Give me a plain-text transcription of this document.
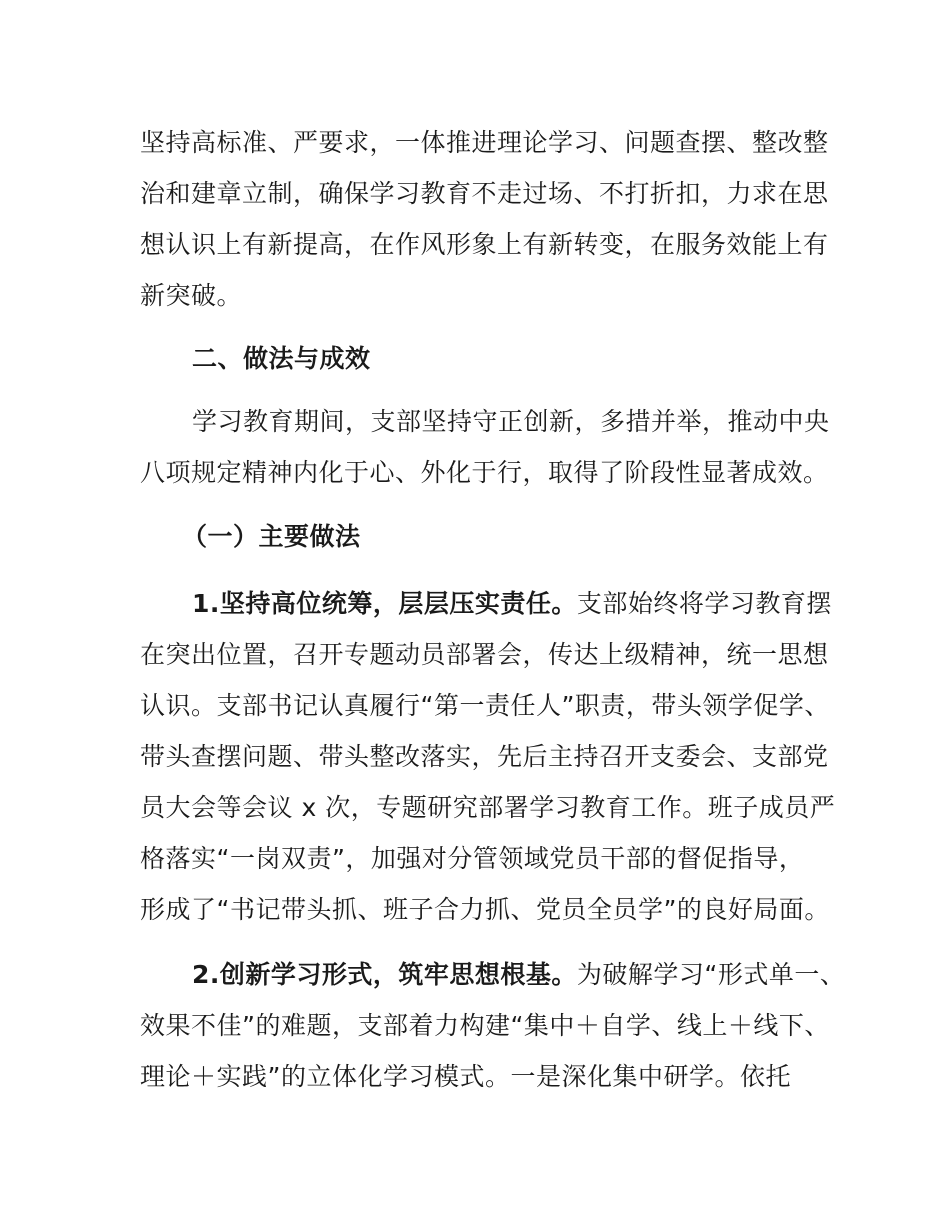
坚持高标准、严要求，一体推进理论学习、问题查摆、整改整
治和建章立制，确保学习教育不走过场、不打折扣，力求在思
想认识上有新提高，在作风形象上有新转变，在服务效能上有
新突破。
二、做法与成效
学习教育期间，支部坚持守正创新，多措并举，推动中央
八项规定精神内化于心、外化于行，取得了阶段性显著成效。
（一）主要做法
1.坚持高位统筹，层层压实责任。支部始终将学习教育摆
在突出位置，召开专题动员部署会，传达上级精神，统一思想
认识。支部书记认真履行“第一责任人”职责，带头领学促学、
带头查摆问题、带头整改落实，先后主持召开支委会、支部党
员大会等会议 x 次，专题研究部署学习教育工作。班子成员严
格落实“一岗双责”，加强对分管领域党员干部的督促指导，
形成了“书记带头抓、班子合力抓、党员全员学”的良好局面。
2.创新学习形式，筑牢思想根基。为破解学习“形式单一、
效果不佳”的难题，支部着力构建“集中＋自学、线上＋线下、
理论＋实践”的立体化学习模式。一是深化集中研学。依托
